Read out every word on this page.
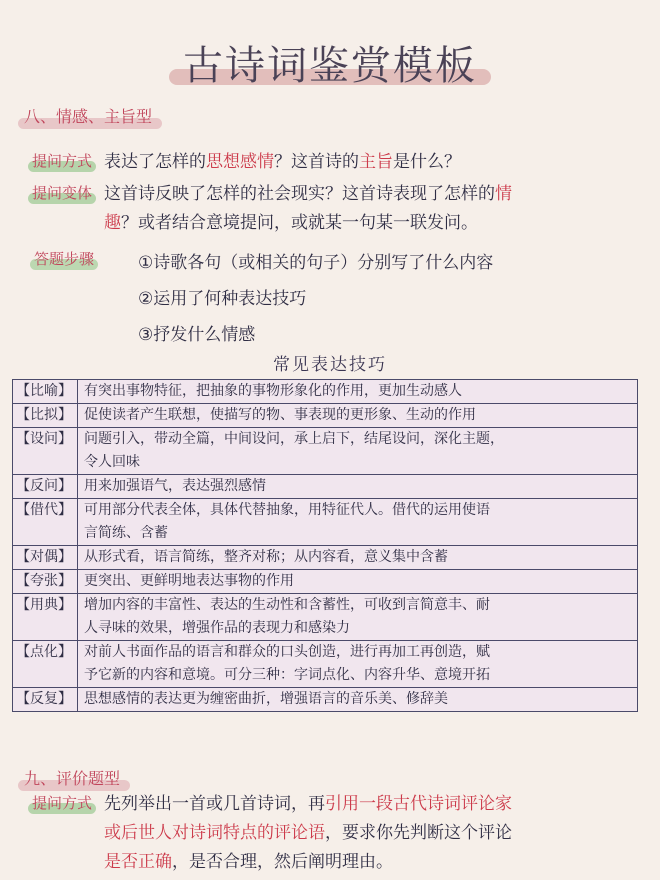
古诗词鉴赏模板
八、情感、主旨型
提问方式 表达了怎样的思想感情？这首诗的主旨是什么？
提问变体 这首诗反映了怎样的社会现实？这首诗表现了怎样的情
趣？或者结合意境提问，或就某一句某一联发问。
答题步骤	①诗歌各句（或相关的句子）分别写了什么内容
②运用了何种表达技巧
③抒发什么情感
常见表达技巧
【比喻】	有突出事物特征，把抽象的事物形象化的作用，更加生动感人
【比拟】	促使读者产生联想，使描写的物、事表现的更形象、生动的作用
【设问】	问题引入，带动全篇，中间设问，承上启下，结尾设问，深化主题，
令人回味
【反问】	用来加强语气，表达强烈感情
【借代】	可用部分代表全体，具体代替抽象，用特征代人。借代的运用使语
言简练、含蓄
【对偶】	从形式看，语言简练，整齐对称；从内容看，意义集中含蓄
【夸张】	更突出、更鲜明地表达事物的作用
【用典】	增加内容的丰富性、表达的生动性和含蓄性，可收到言简意丰、耐
人寻味的效果，增强作品的表现力和感染力
【点化】	对前人书面作品的语言和群众的口头创造，进行再加工再创造，赋
予它新的内容和意境。可分三种：字词点化、内容升华、意境开拓
【反复】	思想感情的表达更为缠密曲折，增强语言的音乐美、修辞美
九、评价题型
提问方式 先列举出一首或几首诗词，再引用一段古代诗词评论家
或后世人对诗词特点的评论语，要求你先判断这个评论
是否正确，是否合理，然后阐明理由。
